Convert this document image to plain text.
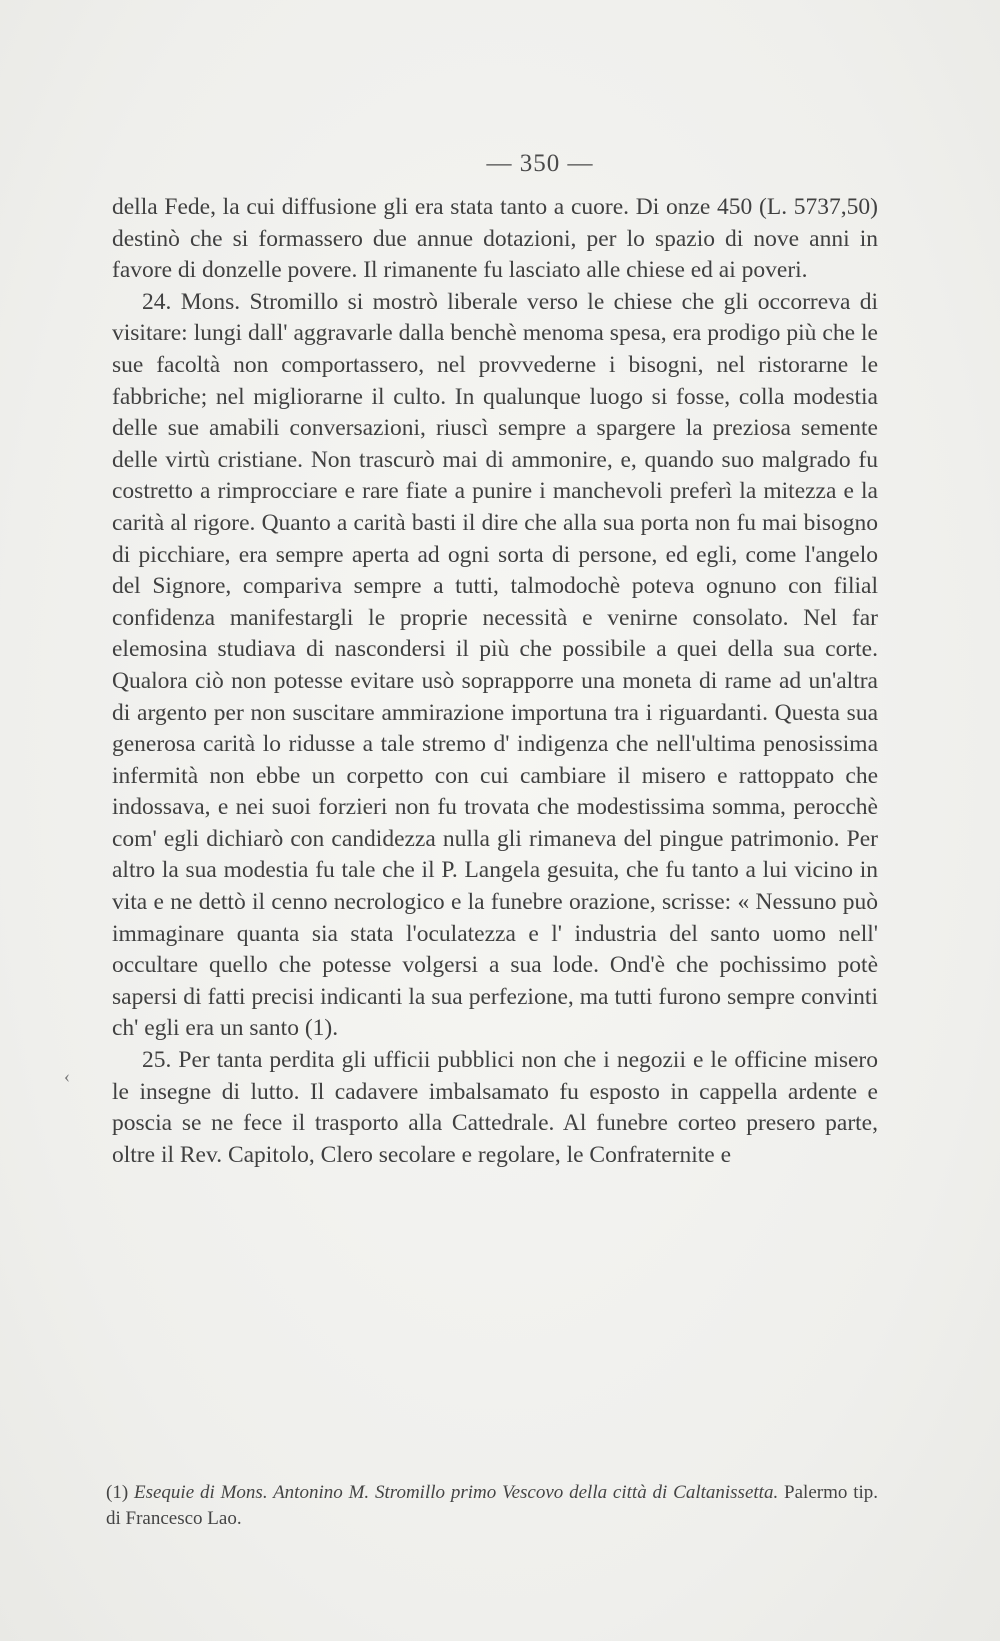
— 350 —

della Fede, la cui diffusione gli era stata tanto a cuore. Di onze 450 (L. 5737,50) destinò che si formassero due annue dotazioni, per lo spazio di nove anni in favore di donzelle povere. Il rimanente fu lasciato alle chiese ed ai poveri.

24. Mons. Stromillo si mostrò liberale verso le chiese che gli occorreva di visitare: lungi dall' aggravarle dalla benchè menoma spesa, era prodigo più che le sue facoltà non comportassero, nel provvederne i bisogni, nel ristorarne le fabbriche; nel migliorarne il culto. In qualunque luogo si fosse, colla modestia delle sue amabili conversazioni, riuscì sempre a spargere la preziosa semente delle virtù cristiane. Non trascurò mai di ammonire, e, quando suo malgrado fu costretto a rimprocciare e rare fiate a punire i manchevoli preferì la mitezza e la carità al rigore. Quanto a carità basti il dire che alla sua porta non fu mai bisogno di picchiare, era sempre aperta ad ogni sorta di persone, ed egli, come l'angelo del Signore, compariva sempre a tutti, talmodochè poteva ognuno con filial confidenza manifestargli le proprie necessità e venirne consolato. Nel far elemosina studiava di nascondersi il più che possibile a quei della sua corte. Qualora ciò non potesse evitare usò soprapporre una moneta di rame ad un'altra di argento per non suscitare ammirazione importuna tra i riguardanti. Questa sua generosa carità lo ridusse a tale stremo d' indigenza che nell'ultima penosissima infermità non ebbe un corpetto con cui cambiare il misero e rattoppato che indossava, e nei suoi forzieri non fu trovata che modestissima somma, perocchè com' egli dichiarò con candidezza nulla gli rimaneva del pingue patrimonio. Per altro la sua modestia fu tale che il P. Langela gesuita, che fu tanto a lui vicino in vita e ne dettò il cenno necrologico e la funebre orazione, scrisse: « Nessuno può immaginare quanta sia stata l'oculatezza e l' industria del santo uomo nell' occultare quello che potesse volgersi a sua lode. Ond'è che pochissimo potè sapersi di fatti precisi indicanti la sua perfezione, ma tutti furono sempre convinti ch' egli era un santo (1).

25. Per tanta perdita gli ufficii pubblici non che i negozii e le officine misero le insegne di lutto. Il cadavere imbalsamato fu esposto in cappella ardente e poscia se ne fece il trasporto alla Cattedrale. Al funebre corteo presero parte, oltre il Rev. Capitolo, Clero secolare e regolare, le Confraternite e

‹
(1) Esequie di Mons. Antonino M. Stromillo primo Vescovo della città di Caltanissetta. Palermo tip. di Francesco Lao.
